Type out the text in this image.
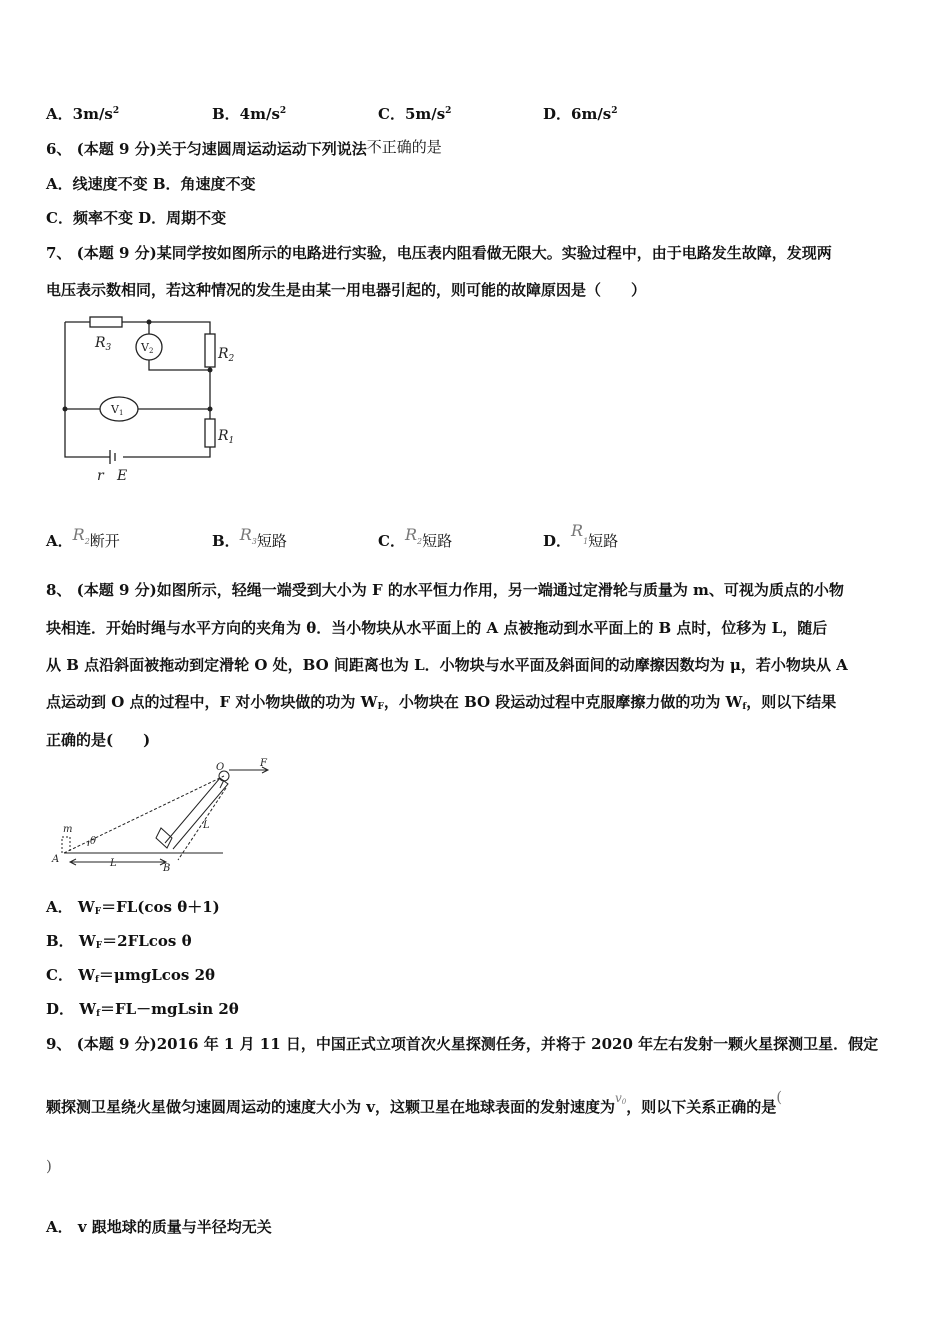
A．$3m/s^2$	B．$4m/s^2$	C．$5m/s^2$	D．$6m/s^2$
6、 (本题 9 分)关于匀速圆周运动运动下列说法不正确的是
A．线速度不变 B．角速度不变
C．频率不变 D．周期不变
7、 (本题 9 分)某同学按如图所示的电路进行实验，电压表内阻看做无限大。实验过程中，由于电路发生故障，发现两
电压表示数相同，若这种情况的发生是由某一用电器引起的，则可能的故障原因是（　　）
$R_3$	$R_2$
$R_1$
r E
V2
V1
A．$R_2$断开	B．$R_3$短路	C．$R_2$短路	D．$R_1$短路
8、 (本题 9 分)如图所示，轻绳一端受到大小为 F 的水平恒力作用，另一端通过定滑轮与质量为 m、可视为质点的小物
块相连．开始时绳与水平方向的夹角为 θ．当小物块从水平面上的 A 点被拖动到水平面上的 B 点时，位移为 L，随后
从 B 点沿斜面被拖动到定滑轮 O 处，BO 间距离也为 L．小物块与水平面及斜面间的动摩擦因数均为 μ，若小物块从 A
点运动到 O 点的过程中，F 对小物块做的功为 $W_F$，小物块在 BO 段运动过程中克服摩擦力做的功为 $W_f$，则以下结果
正确的是(　　)
O	F
m
θ
A
B
L
L
A． $W_F=FL(\cos$ θ＋1)
B． $W_F=2FLcos$ θ
C． $W_f=\mu mgLcos$ 2θ
D． $W_f=FL-mgLsin$ 2θ
9、 (本题 9 分)2016 年 1 月 11 日，中国正式立项首次火星探测任务，并将于 2020 年左右发射一颗火星探测卫星．假定
颗探测卫星绕火星做匀速圆周运动的速度大小为 v，这颗卫星在地球表面的发射速度为$^{v0}$，则以下关系正确的是(
)
A． v 跟地球的质量与半径均无关
